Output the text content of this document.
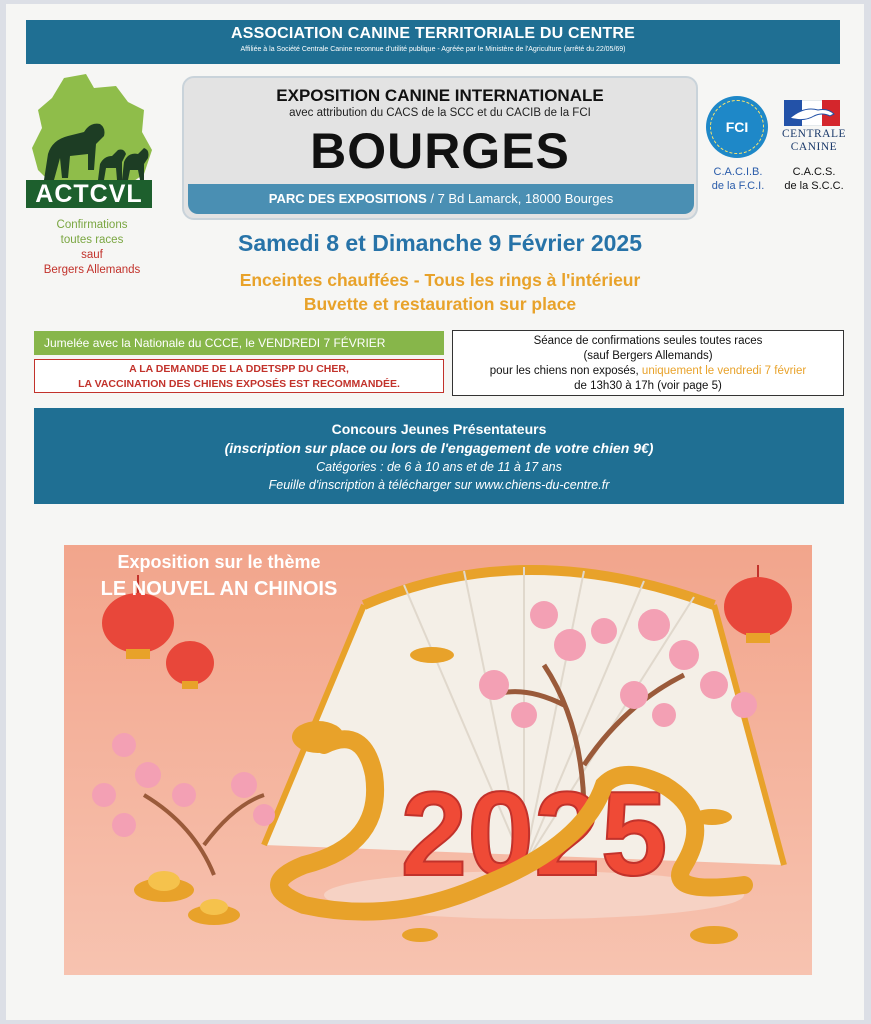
ASSOCIATION CANINE TERRITORIALE DU CENTRE
Affiliée à la Société Centrale Canine reconnue d'utilité publique - Agréée par le Ministère de l'Agriculture (arrêté du 22/05/69)
ACTCVL
Confirmations
toutes races
sauf
Bergers Allemands
EXPOSITION CANINE INTERNATIONALE
avec attribution du CACS de la SCC et du CACIB de la FCI
BOURGES
PARC DES EXPOSITIONS / 7 Bd Lamarck, 18000 Bourges
FCI
C.A.C.I.B.
de la F.C.I.
CENTRALE
CANINE
C.A.C.S.
de la S.C.C.
Samedi 8 et Dimanche 9 Février 2025
Enceintes chauffées - Tous les rings à l'intérieur
Buvette et restauration sur place
Jumelée avec la Nationale du CCCE, le VENDREDI 7 FÉVRIER
A LA DEMANDE DE LA DDETSPP DU CHER,
LA VACCINATION DES CHIENS EXPOSÉS EST RECOMMANDÉE.
Séance de confirmations seules toutes races
(sauf Bergers Allemands)
pour les chiens non exposés, uniquement le vendredi 7 février
de 13h30 à 17h (voir page 5)
Concours Jeunes Présentateurs
(inscription sur place ou lors de l'engagement de votre chien 9€)
Catégories : de 6 à 10 ans et de 11 à 17 ans
Feuille d'inscription à télécharger sur www.chiens-du-centre.fr
2025
Exposition sur le thème
LE NOUVEL AN CHINOIS
